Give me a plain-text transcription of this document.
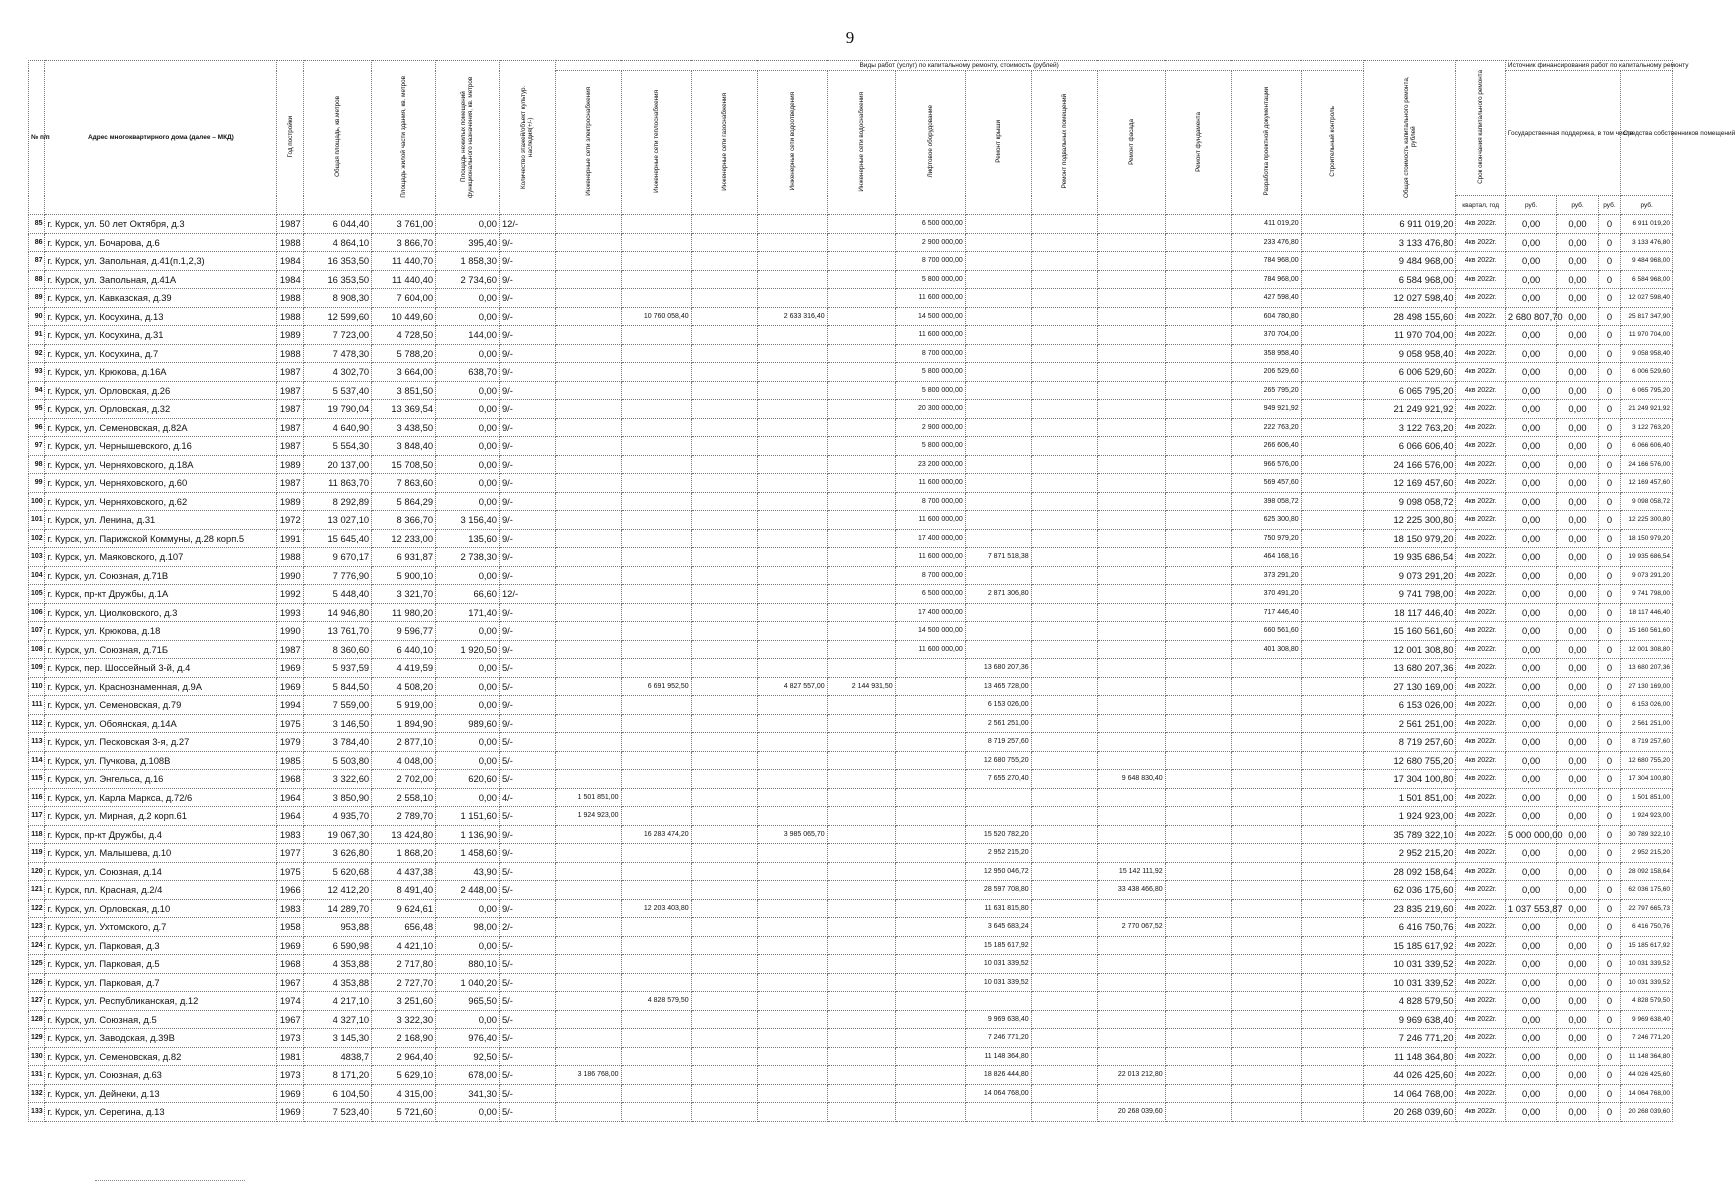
9
№ п/п	Адрес многоквартирного дома (далее – МКД)	Год постройки	Общая площадь, кв.метров	Площадь жилой части здания, кв. метров	Площадь нежилых помещений функционального назначения, кв. метров	Количество этажей/объект культур. наследия(+/-)	Виды работ (услуг) по капитальному ремонту, стоимость (рублей)												Общая стоимость капитального ремонта, рублей	Срок окончания капитального ремонта	Источник финансирования работ по капитальному ремонту			
							Инженерные сети электроснабжения	Инженерные сети теплоснабжения	Инженерные сети газоснабжения	Инженерные сети водоотведения	Инженерные сети водоснабжения	Лифтовое оборудование	Ремонт крыши	Ремонт подвальных помещений	Ремонт фасада	Ремонт фундамента	Разработка проектной документации	Строительный контроль			Государственная поддержка, в том числе			Средства собственников помещений
																				квартал, год	руб.	руб.	руб.	руб.
85	г. Курск, ул. 50 лет Октября, д.3	1987	6 044,40	3 761,00	0,00	12/-						6 500 000,00					411 019,20		6 911 019,20	4кв 2022г.	0,00	0,00	0	6 911 019,20
86	г. Курск, ул. Бочарова, д.6	1988	4 864,10	3 866,70	395,40	9/-						2 900 000,00					233 476,80		3 133 476,80	4кв 2022г.	0,00	0,00	0	3 133 476,80
87	г. Курск, ул. Запольная, д.41(п.1,2,3)	1984	16 353,50	11 440,70	1 858,30	9/-						8 700 000,00					784 968,00		9 484 968,00	4кв 2022г.	0,00	0,00	0	9 484 968,00
88	г. Курск, ул. Запольная, д.41А	1984	16 353,50	11 440,40	2 734,60	9/-						5 800 000,00					784 968,00		6 584 968,00	4кв 2022г.	0,00	0,00	0	6 584 968,00
89	г. Курск, ул. Кавказская, д.39	1988	8 908,30	7 604,00	0,00	9/-						11 600 000,00					427 598,40		12 027 598,40	4кв 2022г.	0,00	0,00	0	12 027 598,40
90	г. Курск, ул. Косухина, д.13	1988	12 599,60	10 449,60	0,00	9/-		10 760 058,40		2 633 316,40		14 500 000,00					604 780,80		28 498 155,60	4кв 2022г.	2 680 807,70	0,00	0	25 817 347,90
91	г. Курск, ул. Косухина, д.31	1989	7 723,00	4 728,50	144,00	9/-						11 600 000,00					370 704,00		11 970 704,00	4кв 2022г.	0,00	0,00	0	11 970 704,00
92	г. Курск, ул. Косухина, д.7	1988	7 478,30	5 788,20	0,00	9/-						8 700 000,00					358 958,40		9 058 958,40	4кв 2022г.	0,00	0,00	0	9 058 958,40
93	г. Курск, ул. Крюкова, д.16А	1987	4 302,70	3 664,00	638,70	9/-						5 800 000,00					206 529,60		6 006 529,60	4кв 2022г.	0,00	0,00	0	6 006 529,60
94	г. Курск, ул. Орловская, д.26	1987	5 537,40	3 851,50	0,00	9/-						5 800 000,00					265 795,20		6 065 795,20	4кв 2022г.	0,00	0,00	0	6 065 795,20
95	г. Курск, ул. Орловская, д.32	1987	19 790,04	13 369,54	0,00	9/-						20 300 000,00					949 921,92		21 249 921,92	4кв 2022г.	0,00	0,00	0	21 249 921,92
96	г. Курск, ул. Семеновская, д.82А	1987	4 640,90	3 438,50	0,00	9/-						2 900 000,00					222 763,20		3 122 763,20	4кв 2022г.	0,00	0,00	0	3 122 763,20
97	г. Курск, ул. Чернышевского, д.16	1987	5 554,30	3 848,40	0,00	9/-						5 800 000,00					266 606,40		6 066 606,40	4кв 2022г.	0,00	0,00	0	6 066 606,40
98	г. Курск, ул. Черняховского, д.18А	1989	20 137,00	15 708,50	0,00	9/-						23 200 000,00					966 576,00		24 166 576,00	4кв 2022г.	0,00	0,00	0	24 166 576,00
99	г. Курск, ул. Черняховского, д.60	1987	11 863,70	7 863,60	0,00	9/-						11 600 000,00					569 457,60		12 169 457,60	4кв 2022г.	0,00	0,00	0	12 169 457,60
100	г. Курск, ул. Черняховского, д.62	1989	8 292,89	5 864,29	0,00	9/-						8 700 000,00					398 058,72		9 098 058,72	4кв 2022г.	0,00	0,00	0	9 098 058,72
101	г. Курск, ул. Ленина, д.31	1972	13 027,10	8 366,70	3 156,40	9/-						11 600 000,00					625 300,80		12 225 300,80	4кв 2022г.	0,00	0,00	0	12 225 300,80
102	г. Курск, ул. Парижской Коммуны, д.28 корп.5	1991	15 645,40	12 233,00	135,60	9/-						17 400 000,00					750 979,20		18 150 979,20	4кв 2022г.	0,00	0,00	0	18 150 979,20
103	г. Курск, ул. Маяковского, д.107	1988	9 670,17	6 931,87	2 738,30	9/-						11 600 000,00	7 871 518,38				464 168,16		19 935 686,54	4кв 2022г.	0,00	0,00	0	19 935 686,54
104	г. Курск, ул. Союзная, д.71В	1990	7 776,90	5 900,10	0,00	9/-						8 700 000,00					373 291,20		9 073 291,20	4кв 2022г.	0,00	0,00	0	9 073 291,20
105	г. Курск, пр-кт Дружбы, д.1А	1992	5 448,40	3 321,70	66,60	12/-						6 500 000,00	2 871 306,80				370 491,20		9 741 798,00	4кв 2022г.	0,00	0,00	0	9 741 798,00
106	г. Курск, ул. Циолковского, д.3	1993	14 946,80	11 980,20	171,40	9/-						17 400 000,00					717 446,40		18 117 446,40	4кв 2022г.	0,00	0,00	0	18 117 446,40
107	г. Курск, ул. Крюкова, д.18	1990	13 761,70	9 596,77	0,00	9/-						14 500 000,00					660 561,60		15 160 561,60	4кв 2022г.	0,00	0,00	0	15 160 561,60
108	г. Курск, ул. Союзная, д.71Б	1987	8 360,60	6 440,10	1 920,50	9/-						11 600 000,00					401 308,80		12 001 308,80	4кв 2022г.	0,00	0,00	0	12 001 308,80
109	г. Курск, пер. Шоссейный 3-й, д.4	1969	5 937,59	4 419,59	0,00	5/-							13 680 207,36						13 680 207,36	4кв 2022г.	0,00	0,00	0	13 680 207,36
110	г. Курск, ул. Краснознаменная, д.9А	1969	5 844,50	4 508,20	0,00	5/-		6 691 952,50		4 827 557,00	2 144 931,50		13 465 728,00						27 130 169,00	4кв 2022г.	0,00	0,00	0	27 130 169,00
111	г. Курск, ул. Семеновская, д.79	1994	7 559,00	5 919,00	0,00	9/-							6 153 026,00						6 153 026,00	4кв 2022г.	0,00	0,00	0	6 153 026,00
112	г. Курск, ул. Обоянская, д.14А	1975	3 146,50	1 894,90	989,60	9/-							2 561 251,00						2 561 251,00	4кв 2022г.	0,00	0,00	0	2 561 251,00
113	г. Курск, ул. Песковская 3-я, д.27	1979	3 784,40	2 877,10	0,00	5/-							8 719 257,60						8 719 257,60	4кв 2022г.	0,00	0,00	0	8 719 257,60
114	г. Курск, ул. Пучкова, д.108В	1985	5 503,80	4 048,00	0,00	5/-							12 680 755,20						12 680 755,20	4кв 2022г.	0,00	0,00	0	12 680 755,20
115	г. Курск, ул. Энгельса, д.16	1968	3 322,60	2 702,00	620,60	5/-							7 655 270,40		9 648 830,40				17 304 100,80	4кв 2022г.	0,00	0,00	0	17 304 100,80
116	г. Курск, ул. Карла Маркса, д.72/6	1964	3 850,90	2 558,10	0,00	4/-	1 501 851,00												1 501 851,00	4кв 2022г.	0,00	0,00	0	1 501 851,00
117	г. Курск, ул. Мирная, д.2 корп.61	1964	4 935,70	2 789,70	1 151,60	5/-	1 924 923,00												1 924 923,00	4кв 2022г.	0,00	0,00	0	1 924 923,00
118	г. Курск, пр-кт Дружбы, д.4	1983	19 067,30	13 424,80	1 136,90	9/-		16 283 474,20		3 985 065,70			15 520 782,20						35 789 322,10	4кв 2022г.	5 000 000,00	0,00	0	30 789 322,10
119	г. Курск, ул. Малышева, д.10	1977	3 626,80	1 868,20	1 458,60	9/-							2 952 215,20						2 952 215,20	4кв 2022г.	0,00	0,00	0	2 952 215,20
120	г. Курск, ул. Союзная, д.14	1975	5 620,68	4 437,38	43,90	5/-							12 950 046,72		15 142 111,92				28 092 158,64	4кв 2022г.	0,00	0,00	0	28 092 158,64
121	г. Курск, пл. Красная, д.2/4	1966	12 412,20	8 491,40	2 448,00	5/-							28 597 708,80		33 438 466,80				62 036 175,60	4кв 2022г.	0,00	0,00	0	62 036 175,60
122	г. Курск, ул. Орловская, д.10	1983	14 289,70	9 624,61	0,00	9/-		12 203 403,80					11 631 815,80						23 835 219,60	4кв 2022г.	1 037 553,87	0,00	0	22 797 665,73
123	г. Курск, ул. Ухтомского, д.7	1958	953,88	656,48	98,00	2/-							3 645 683,24		2 770 067,52				6 416 750,76	4кв 2022г.	0,00	0,00	0	6 416 750,76
124	г. Курск, ул. Парковая, д.3	1969	6 590,98	4 421,10	0,00	5/-							15 185 617,92						15 185 617,92	4кв 2022г.	0,00	0,00	0	15 185 617,92
125	г. Курск, ул. Парковая, д.5	1968	4 353,88	2 717,80	880,10	5/-							10 031 339,52						10 031 339,52	4кв 2022г.	0,00	0,00	0	10 031 339,52
126	г. Курск, ул. Парковая, д.7	1967	4 353,88	2 727,70	1 040,20	5/-							10 031 339,52						10 031 339,52	4кв 2022г.	0,00	0,00	0	10 031 339,52
127	г. Курск, ул. Республиканская, д.12	1974	4 217,10	3 251,60	965,50	5/-		4 828 579,50											4 828 579,50	4кв 2022г.	0,00	0,00	0	4 828 579,50
128	г. Курск, ул. Союзная, д.5	1967	4 327,10	3 322,30	0,00	5/-							9 969 638,40						9 969 638,40	4кв 2022г.	0,00	0,00	0	9 969 638,40
129	г. Курск, ул. Заводская, д.39В	1973	3 145,30	2 168,90	976,40	5/-							7 246 771,20						7 246 771,20	4кв 2022г.	0,00	0,00	0	7 246 771,20
130	г. Курск, ул. Семеновская, д.82	1981	4838,7	2 964,40	92,50	5/-							11 148 364,80						11 148 364,80	4кв 2022г.	0,00	0,00	0	11 148 364,80
131	г. Курск, ул. Союзная, д.63	1973	8 171,20	5 629,10	678,00	5/-	3 186 768,00						18 826 444,80		22 013 212,80				44 026 425,60	4кв 2022г.	0,00	0,00	0	44 026 425,60
132	г. Курск, ул. Дейнеки, д.13	1969	6 104,50	4 315,00	341,30	5/-							14 064 768,00						14 064 768,00	4кв 2022г.	0,00	0,00	0	14 064 768,00
133	г. Курск, ул. Серегина, д.13	1969	7 523,40	5 721,60	0,00	5/-									20 268 039,60				20 268 039,60	4кв 2022г.	0,00	0,00	0	20 268 039,60
